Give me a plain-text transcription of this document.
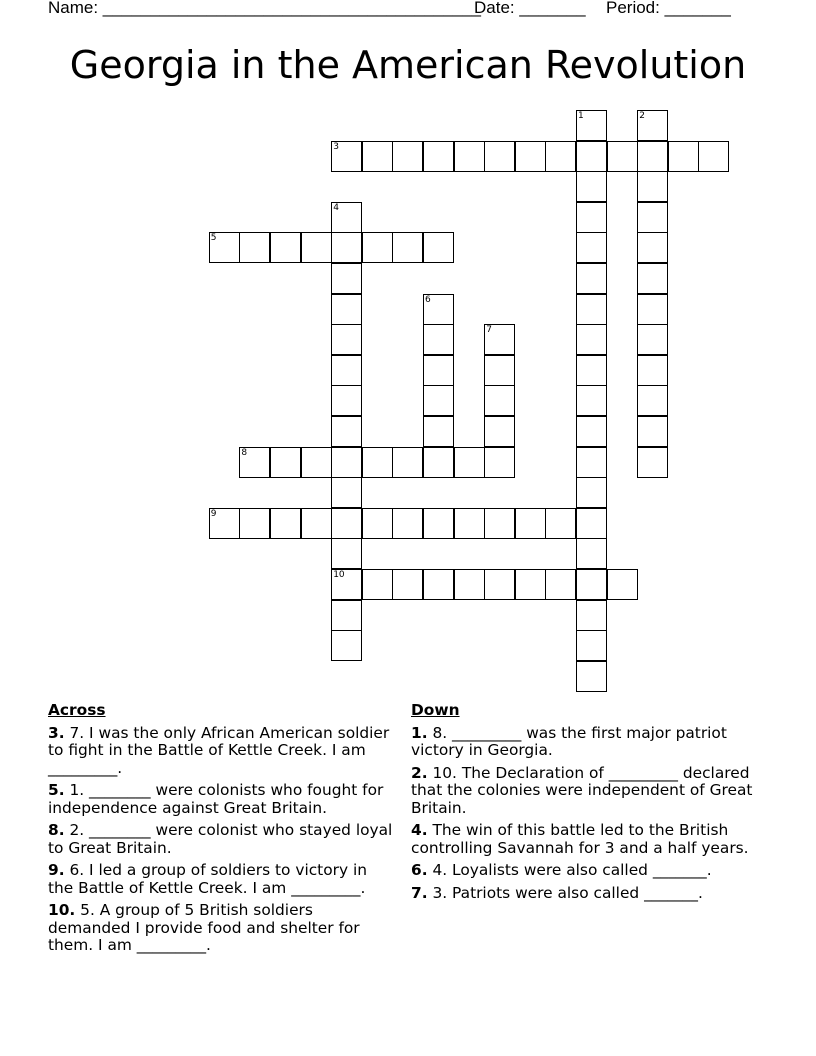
Name: ________________________________________
Date: _______ Period: _______
Georgia in the American Revolution
1	2
3
4
10
5
6
7
8
9
Across
3. 7. I was the only African American soldier to fight in the Battle of Kettle Creek. I am _________.
5. 1. ________ were colonists who fought for independence against Great Britain.
8. 2. ________ were colonist who stayed loyal to Great Britain.
9. 6. I led a group of soldiers to victory in the Battle of Kettle Creek. I am _________.
10. 5. A group of 5 British soldiers demanded I provide food and shelter for them. I am _________.
Down
1. 8. _________ was the first major patriot victory in Georgia.
2. 10. The Declaration of _________ declared that the colonies were independent of Great Britain.
4. The win of this battle led to the British controlling Savannah for 3 and a half years.
6. 4. Loyalists were also called _______.
7. 3. Patriots were also called _______.
